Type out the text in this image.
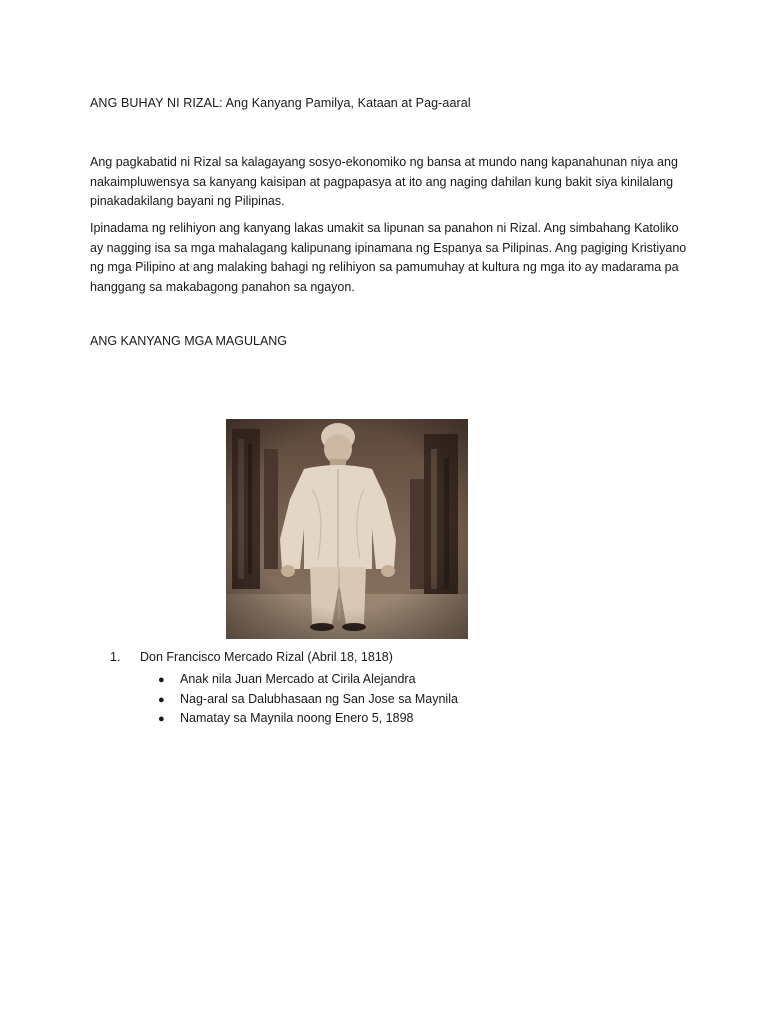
ANG BUHAY NI RIZAL: Ang Kanyang Pamilya, Kataan at Pag-aaral

Ang pagkabatid ni Rizal sa kalagayang sosyo-ekonomiko ng bansa at mundo nang kapanahunan niya ang nakaimpluwensya sa kanyang kaisipan at pagpapasya at ito ang naging dahilan kung bakit siya kinilalang pinakadakilang bayani ng Pilipinas.

Ipinadama ng relihiyon ang kanyang lakas umakit sa lipunan sa panahon ni Rizal. Ang simbahang Katoliko ay nagging isa sa mga mahalagang kalipunang ipinamana ng Espanya sa Pilipinas. Ang pagiging Kristiyano ng mga Pilipino at ang malaking bahagi ng relihiyon sa pamumuhay at kultura ng mga ito ay madarama pa hanggang sa makabagong panahon sa ngayon.

ANG KANYANG MGA MAGULANG
1. Don Francisco Mercado Rizal (Abril 18, 1818)
● Anak nila Juan Mercado at Cirila Alejandra
● Nag-aral sa Dalubhasaan ng San Jose sa Maynila
● Namatay sa Maynila noong Enero 5, 1898
